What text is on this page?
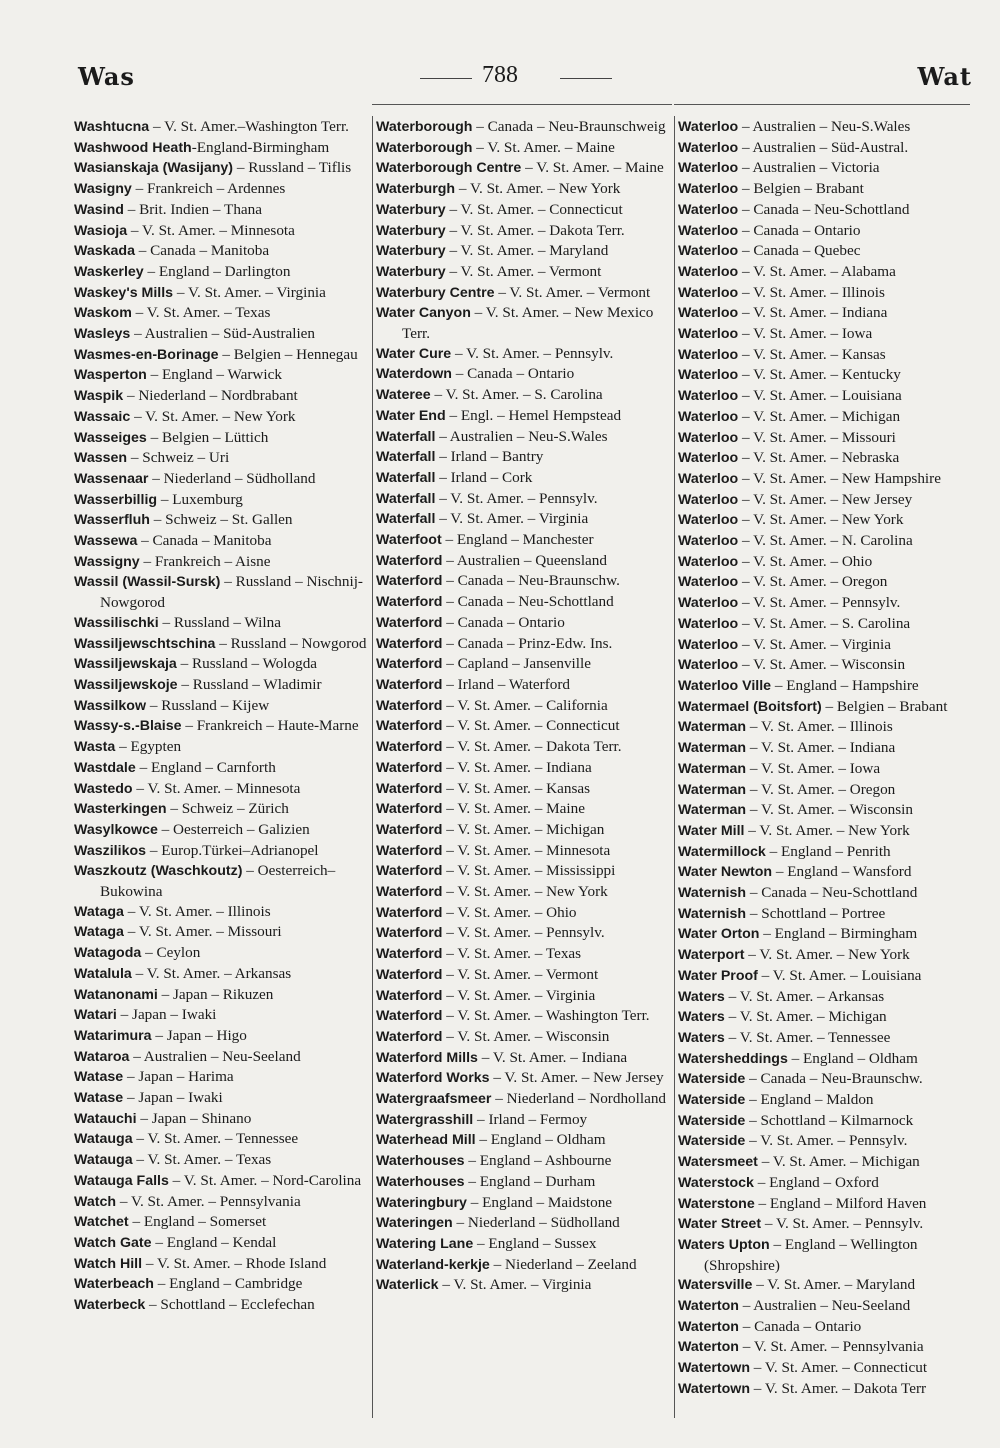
Was	788	Wat
Washtucna – V. St. Amer.–Washington Terr.
Washwood Heath-England-Birmingham
Wasianskaja (Wasijany) – Russland – Tiflis
Wasigny – Frankreich – Ardennes
Wasind – Brit. Indien – Thana
Wasioja – V. St. Amer. – Minnesota
Waskada – Canada – Manitoba
Waskerley – England – Darlington
Waskey's Mills – V. St. Amer. – Virginia
Waskom – V. St. Amer. – Texas
Wasleys – Australien – Süd-Australien
Wasmes-en-Borinage – Belgien – Hennegau
Wasperton – England – Warwick
Waspik – Niederland – Nordbrabant
Wassaic – V. St. Amer. – New York
Wasseiges – Belgien – Lüttich
Wassen – Schweiz – Uri
Wassenaar – Niederland – Südholland
Wasserbillig – Luxemburg
Wasserfluh – Schweiz – St. Gallen
Wassewa – Canada – Manitoba
Wassigny – Frankreich – Aisne
Wassil (Wassil-Sursk) – Russland – Nischnij-Nowgorod
Wassilischki – Russland – Wilna
Wassiljewschtschina – Russland – Nowgorod
Wassiljewskaja – Russland – Wologda
Wassiljewskoje – Russland – Wladimir
Wassilkow – Russland – Kijew
Wassy-s.-Blaise – Frankreich – Haute-Marne
Wasta – Egypten
Wastdale – England – Carnforth
Wastedo – V. St. Amer. – Minnesota
Wasterkingen – Schweiz – Zürich
Wasylkowce – Oesterreich – Galizien
Waszilikos – Europ.Türkei–Adrianopel
Waszkoutz (Waschkoutz) – Oesterreich–Bukowina
Wataga – V. St. Amer. – Illinois
Wataga – V. St. Amer. – Missouri
Watagoda – Ceylon
Watalula – V. St. Amer. – Arkansas
Watanonami – Japan – Rikuzen
Watari – Japan – Iwaki
Watarimura – Japan – Higo
Wataroa – Australien – Neu-Seeland
Watase – Japan – Harima
Watase – Japan – Iwaki
Watauchi – Japan – Shinano
Watauga – V. St. Amer. – Tennessee
Watauga – V. St. Amer. – Texas
Watauga Falls – V. St. Amer. – Nord-Carolina
Watch – V. St. Amer. – Pennsylvania
Watchet – England – Somerset
Watch Gate – England – Kendal
Watch Hill – V. St. Amer. – Rhode Island
Waterbeach – England – Cambridge
Waterbeck – Schottland – Ecclefechan
Waterborough – Canada – Neu-Braunschweig
Waterborough – V. St. Amer. – Maine
Waterborough Centre – V. St. Amer. – Maine
Waterburgh – V. St. Amer. – New York
Waterbury – V. St. Amer. – Connecticut
Waterbury – V. St. Amer. – Dakota Terr.
Waterbury – V. St. Amer. – Maryland
Waterbury – V. St. Amer. – Vermont
Waterbury Centre – V. St. Amer. – Vermont
Water Canyon – V. St. Amer. – New Mexico Terr.
Water Cure – V. St. Amer. – Pennsylv.
Waterdown – Canada – Ontario
Wateree – V. St. Amer. – S. Carolina
Water End – Engl. – Hemel Hempstead
Waterfall – Australien – Neu-S.Wales
Waterfall – Irland – Bantry
Waterfall – Irland – Cork
Waterfall – V. St. Amer. – Pennsylv.
Waterfall – V. St. Amer. – Virginia
Waterfoot – England – Manchester
Waterford – Australien – Queensland
Waterford – Canada – Neu-Braunschw.
Waterford – Canada – Neu-Schottland
Waterford – Canada – Ontario
Waterford – Canada – Prinz-Edw. Ins.
Waterford – Capland – Jansenville
Waterford – Irland – Waterford
Waterford – V. St. Amer. – California
Waterford – V. St. Amer. – Connecticut
Waterford – V. St. Amer. – Dakota Terr.
Waterford – V. St. Amer. – Indiana
Waterford – V. St. Amer. – Kansas
Waterford – V. St. Amer. – Maine
Waterford – V. St. Amer. – Michigan
Waterford – V. St. Amer. – Minnesota
Waterford – V. St. Amer. – Mississippi
Waterford – V. St. Amer. – New York
Waterford – V. St. Amer. – Ohio
Waterford – V. St. Amer. – Pennsylv.
Waterford – V. St. Amer. – Texas
Waterford – V. St. Amer. – Vermont
Waterford – V. St. Amer. – Virginia
Waterford – V. St. Amer. – Washington Terr.
Waterford – V. St. Amer. – Wisconsin
Waterford Mills – V. St. Amer. – Indiana
Waterford Works – V. St. Amer. – New Jersey
Watergraafsmeer – Niederland – Nordholland
Watergrasshill – Irland – Fermoy
Waterhead Mill – England – Oldham
Waterhouses – England – Ashbourne
Waterhouses – England – Durham
Wateringbury – England – Maidstone
Wateringen – Niederland – Südholland
Watering Lane – England – Sussex
Waterland-kerkje – Niederland – Zeeland
Waterlick – V. St. Amer. – Virginia
Waterloo – Australien – Neu-S.Wales
Waterloo – Australien – Süd-Austral.
Waterloo – Australien – Victoria
Waterloo – Belgien – Brabant
Waterloo – Canada – Neu-Schottland
Waterloo – Canada – Ontario
Waterloo – Canada – Quebec
Waterloo – V. St. Amer. – Alabama
Waterloo – V. St. Amer. – Illinois
Waterloo – V. St. Amer. – Indiana
Waterloo – V. St. Amer. – Iowa
Waterloo – V. St. Amer. – Kansas
Waterloo – V. St. Amer. – Kentucky
Waterloo – V. St. Amer. – Louisiana
Waterloo – V. St. Amer. – Michigan
Waterloo – V. St. Amer. – Missouri
Waterloo – V. St. Amer. – Nebraska
Waterloo – V. St. Amer. – New Hampshire
Waterloo – V. St. Amer. – New Jersey
Waterloo – V. St. Amer. – New York
Waterloo – V. St. Amer. – N. Carolina
Waterloo – V. St. Amer. – Ohio
Waterloo – V. St. Amer. – Oregon
Waterloo – V. St. Amer. – Pennsylv.
Waterloo – V. St. Amer. – S. Carolina
Waterloo – V. St. Amer. – Virginia
Waterloo – V. St. Amer. – Wisconsin
Waterloo Ville – England – Hampshire
Watermael (Boitsfort) – Belgien – Brabant
Waterman – V. St. Amer. – Illinois
Waterman – V. St. Amer. – Indiana
Waterman – V. St. Amer. – Iowa
Waterman – V. St. Amer. – Oregon
Waterman – V. St. Amer. – Wisconsin
Water Mill – V. St. Amer. – New York
Watermillock – England – Penrith
Water Newton – England – Wansford
Waternish – Canada – Neu-Schottland
Waternish – Schottland – Portree
Water Orton – England – Birmingham
Waterport – V. St. Amer. – New York
Water Proof – V. St. Amer. – Louisiana
Waters – V. St. Amer. – Arkansas
Waters – V. St. Amer. – Michigan
Waters – V. St. Amer. – Tennessee
Watersheddings – England – Oldham
Waterside – Canada – Neu-Braunschw.
Waterside – England – Maldon
Waterside – Schottland – Kilmarnock
Waterside – V. St. Amer. – Pennsylv.
Watersmeet – V. St. Amer. – Michigan
Waterstock – England – Oxford
Waterstone – England – Milford Haven
Water Street – V. St. Amer. – Pennsylv.
Waters Upton – England – Wellington (Shropshire)
Watersville – V. St. Amer. – Maryland
Waterton – Australien – Neu-Seeland
Waterton – Canada – Ontario
Waterton – V. St. Amer. – Pennsylvania
Watertown – V. St. Amer. – Connecticut
Watertown – V. St. Amer. – Dakota Terr
